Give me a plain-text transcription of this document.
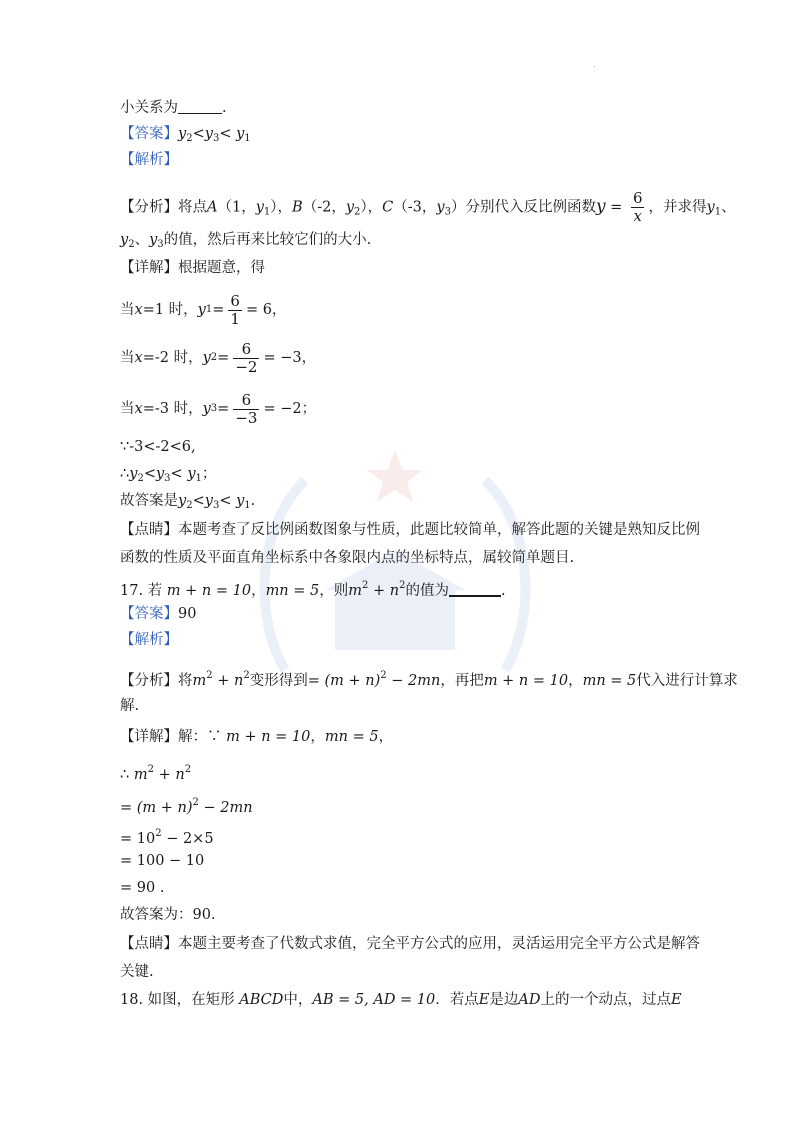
.
小关系为	.
【答案】$y_2<y_3< y_1$
【解析】
【分析】将点A（1，$y_1$），B（-2，$y_2$），C（-3，$y_3$）分别代入反比例函数$y = \frac{6}{x}$ ，并求得$y_1$、
$y_2$、$y_3$的值，然后再来比较它们的大小.
【详解】根据题意，得
当 x =1 时， y $1 = \frac{6}{1} = 6$，
当 x =-2 时， y $2 = \frac{6}{-2} = -3$，
当 x =-3 时， y $3 = \frac{6}{-3} = -2$；
∵-3<-2<6,
$\therefore y_2<y_3< y_1$；
故答案是$y_2<y_3< y_1$.
【点睛】本题考查了反比例函数图象与性质，此题比较简单，解答此题的关键是熟知反比例
函数的性质及平面直角坐标系中各象限内点的坐标特点，属较简单题目.
17. 若 m + n = 10，mn = 5，则$m^2 + n^2$的值为	.
【答案】90
【解析】
【分析】将$m^2 + n^2$变形得到= $(m + n)^2 - 2mn$，再把m + n = 10，mn = 5代入进行计算求
解.
【详解】解：∵ m + n = 10，mn = 5，
∴ $m^2 + n^2$
= $(m + n)^2 - 2mn$
= $10^2 - 2\times 5$
= 100 − 10
= 90 .
故答案为：90.
【点睛】本题主要考查了代数式求值，完全平方公式的应用，灵活运用完全平方公式是解答
关键.
18. 如图，在矩形 ABCD中，AB = 5, AD = 10．若点E是边AD上的一个动点，过点E
